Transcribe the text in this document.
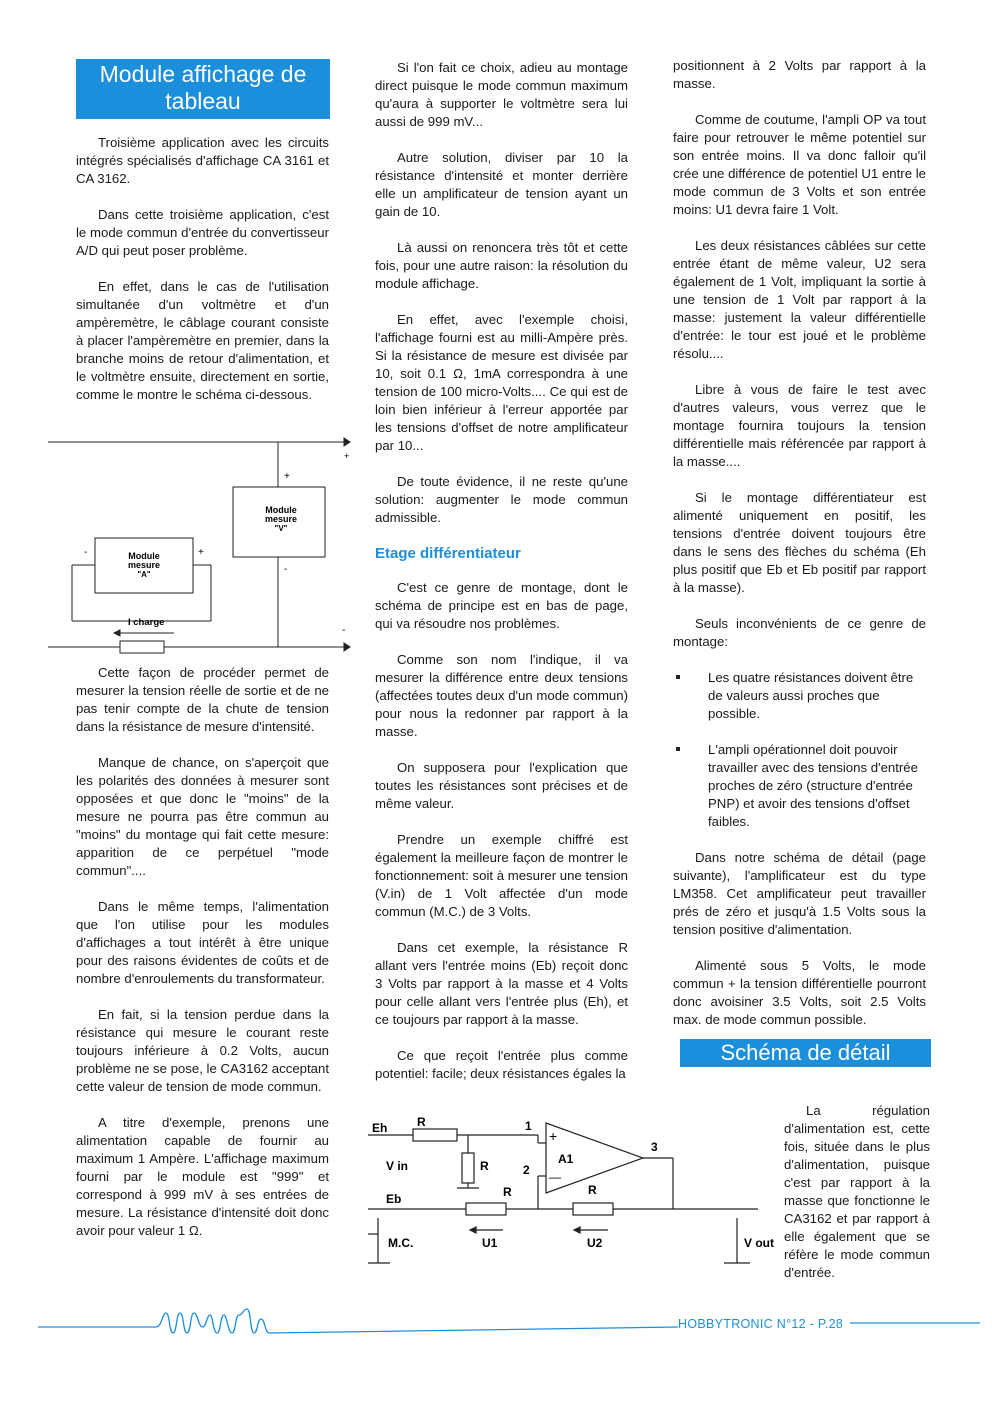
Module affichage de tableau

Troisième application avec les circuits intégrés spécialisés d'affichage CA 3161 et CA 3162.

Dans cette troisième application, c'est le mode commun d'entrée du convertisseur A/D qui peut poser problème.

En effet, dans le cas de l'utilisation simultanée d'un voltmètre et d'un ampèremètre, le câblage courant consiste à placer l'ampèremètre en premier, dans la branche moins de retour d'alimentation, et le voltmètre ensuite, directement en sortie, comme le montre le schéma ci-dessous.

Module
mesure
"V"
Module
mesure
"A"
+
+
-
-	+
-
I charge

Cette façon de procéder permet de mesurer la tension réelle de sortie et de ne pas tenir compte de la chute de tension dans la résistance de mesure d'intensité.

Manque de chance, on s'aperçoit que les polarités des données à mesurer sont opposées et que donc le "moins" de la mesure ne pourra pas être commun au "moins" du montage qui fait cette mesure: apparition de ce perpétuel "mode commun"....

Dans le même temps, l'alimentation que l'on utilise pour les modules d'affichages a tout intérêt à être unique pour des raisons évidentes de coûts et de nombre d'enroulements du transformateur.

En fait, si la tension perdue dans la résistance qui mesure le courant reste toujours inférieure à 0.2 Volts, aucun problème ne se pose, le CA3162 acceptant cette valeur de tension de mode commun.

A titre d'exemple, prenons une alimentation capable de fournir au maximum 1 Ampère. L'affichage maximum fourni par le module est "999" et correspond à 999 mV à ses entrées de mesure. La résistance d'intensité doit donc avoir pour valeur 1 Ω.

Si l'on fait ce choix, adieu au montage direct puisque le mode commun maximum qu'aura à supporter le voltmètre sera lui aussi de 999 mV...

Autre solution, diviser par 10 la résistance d'intensité et monter derrière elle un amplificateur de tension ayant un gain de 10.

Là aussi on renoncera très tôt et cette fois, pour une autre raison: la résolution du module affichage.

En effet, avec l'exemple choisi, l'affichage fourni est au milli-Ampère près. Si la résistance de mesure est divisée par 10, soit 0.1 Ω, 1mA correspondra à une tension de 100 micro-Volts.... Ce qui est de loin bien inférieur à l'erreur apportée par les tensions d'offset de notre amplificateur par 10...

De toute évidence, il ne reste qu'une solution: augmenter le mode commun admissible.

Etage différentiateur

C'est ce genre de montage, dont le schéma de principe est en bas de page, qui va résoudre nos problèmes.

Comme son nom l'indique, il va mesurer la différence entre deux tensions (affectées toutes deux d'un mode commun) pour nous la redonner par rapport à la masse.

On supposera pour l'explication que toutes les résistances sont précises et de même valeur.

Prendre un exemple chiffré est également la meilleure façon de montrer le fonctionnement: soit à mesurer une tension (V.in) de 1 Volt affectée d'un mode commun (M.C.) de 3 Volts.

Dans cet exemple, la résistance R allant vers l'entrée moins (Eb) reçoit donc 3 Volts par rapport à la masse et 4 Volts pour celle allant vers l'entrée plus (Eh), et ce toujours par rapport à la masse.

Ce que reçoit l'entrée plus comme potentiel: facile; deux résistances égales la

positionnent à 2 Volts par rapport à la masse.

Comme de coutume, l'ampli OP va tout faire pour retrouver le même potentiel sur son entrée moins. Il va donc falloir qu'il crée une différence de potentiel U1 entre le mode commun de 3 Volts et son entrée moins: U1 devra faire 1 Volt.

Les deux résistances câblées sur cette entrée étant de même valeur, U2 sera également de 1 Volt, impliquant la sortie à une tension de 1 Volt par rapport à la masse: justement la valeur différentielle d'entrée: le tour est joué et le problème résolu....

Libre à vous de faire le test avec d'autres valeurs, vous verrez que le montage fournira toujours la tension différentielle mais référencée par rapport à la masse....

Si le montage différentiateur est alimenté uniquement en positif, les tensions d'entrée doivent toujours être dans le sens des flèches du schéma (Eh plus positif que Eb et Eb positif par rapport à la masse).

Seuls inconvénients de ce genre de montage:

Les quatre résistances doivent être de valeurs aussi proches que possible.

L'ampli opérationnel doit pouvoir travailler avec des tensions d'entrée proches de zéro (structure d'entrée PNP) et avoir des tensions d'offset faibles.

Dans notre schéma de détail (page suivante), l'amplificateur est du type LM358. Cet amplificateur peut travailler prés de zéro et jusqu'à 1.5 Volts sous la tension positive d'alimentation.

Alimenté sous 5 Volts, le mode commun + la tension différentielle pourront donc avoisiner 3.5 Volts, soit 2.5 Volts max. de mode commun possible.

Schéma de détail
La régulation d'alimentation est, cette fois, située dans le plus d'alimentation, puisque c'est par rapport à la masse que fonctionne le CA3162 et par rapport à elle également que se réfère le mode commun d'entrée.
Eh
V in
Eb
M.C.
R
R
R	R
1
2
3
A1
+
—
U1	U2	V out
HOBBYTRONIC N°12 - P.28
